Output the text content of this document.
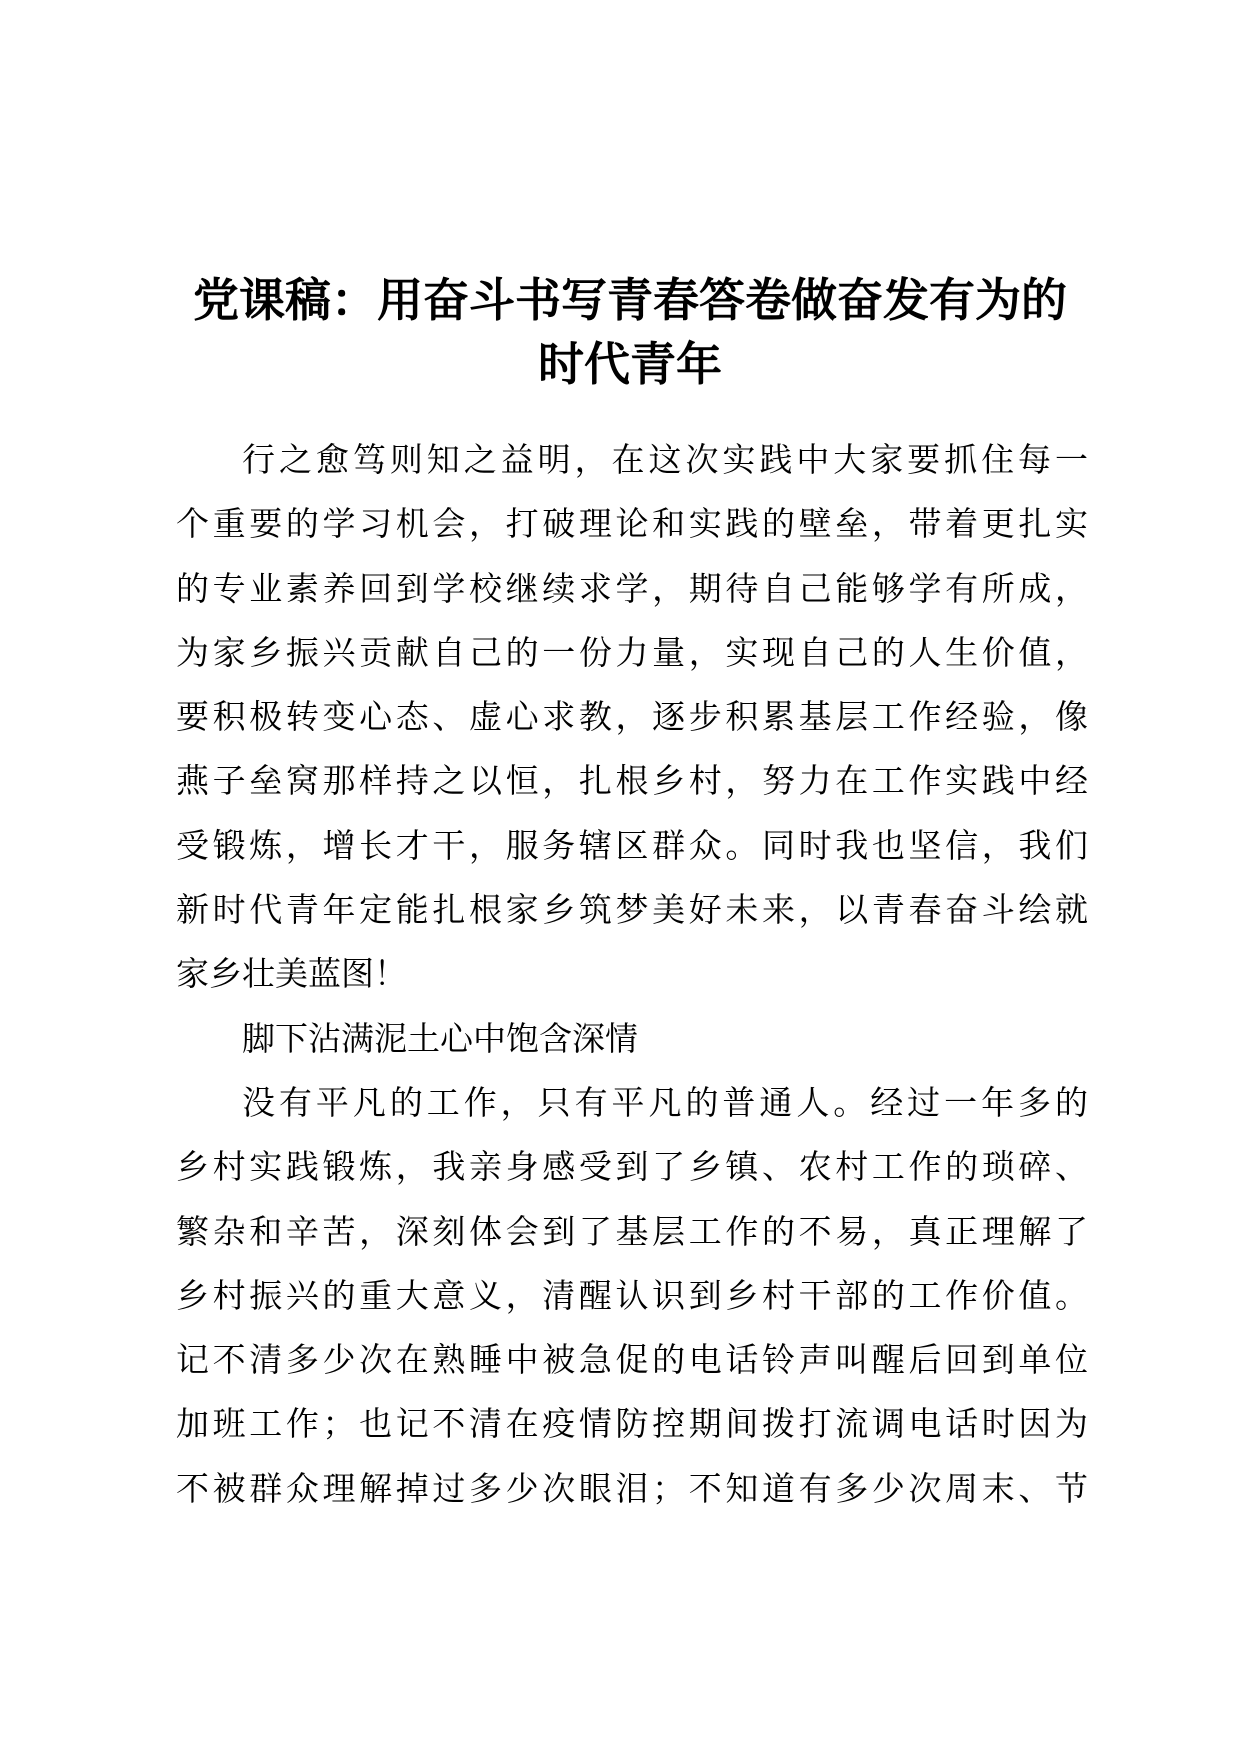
党课稿：用奋斗书写青春答卷做奋发有为的
时代青年
行之愈笃则知之益明，在这次实践中大家要抓住每一
个重要的学习机会，打破理论和实践的壁垒，带着更扎实
的专业素养回到学校继续求学，期待自己能够学有所成，
为家乡振兴贡献自己的一份力量，实现自己的人生价值，
要积极转变心态、虚心求教，逐步积累基层工作经验，像
燕子垒窝那样持之以恒，扎根乡村，努力在工作实践中经
受锻炼，增长才干，服务辖区群众。同时我也坚信，我们
新时代青年定能扎根家乡筑梦美好未来，以青春奋斗绘就
家乡壮美蓝图！
脚下沾满泥土心中饱含深情
没有平凡的工作，只有平凡的普通人。经过一年多的
乡村实践锻炼，我亲身感受到了乡镇、农村工作的琐碎、
繁杂和辛苦，深刻体会到了基层工作的不易，真正理解了
乡村振兴的重大意义，清醒认识到乡村干部的工作价值。
记不清多少次在熟睡中被急促的电话铃声叫醒后回到单位
加班工作；也记不清在疫情防控期间拨打流调电话时因为
不被群众理解掉过多少次眼泪；不知道有多少次周末、节
